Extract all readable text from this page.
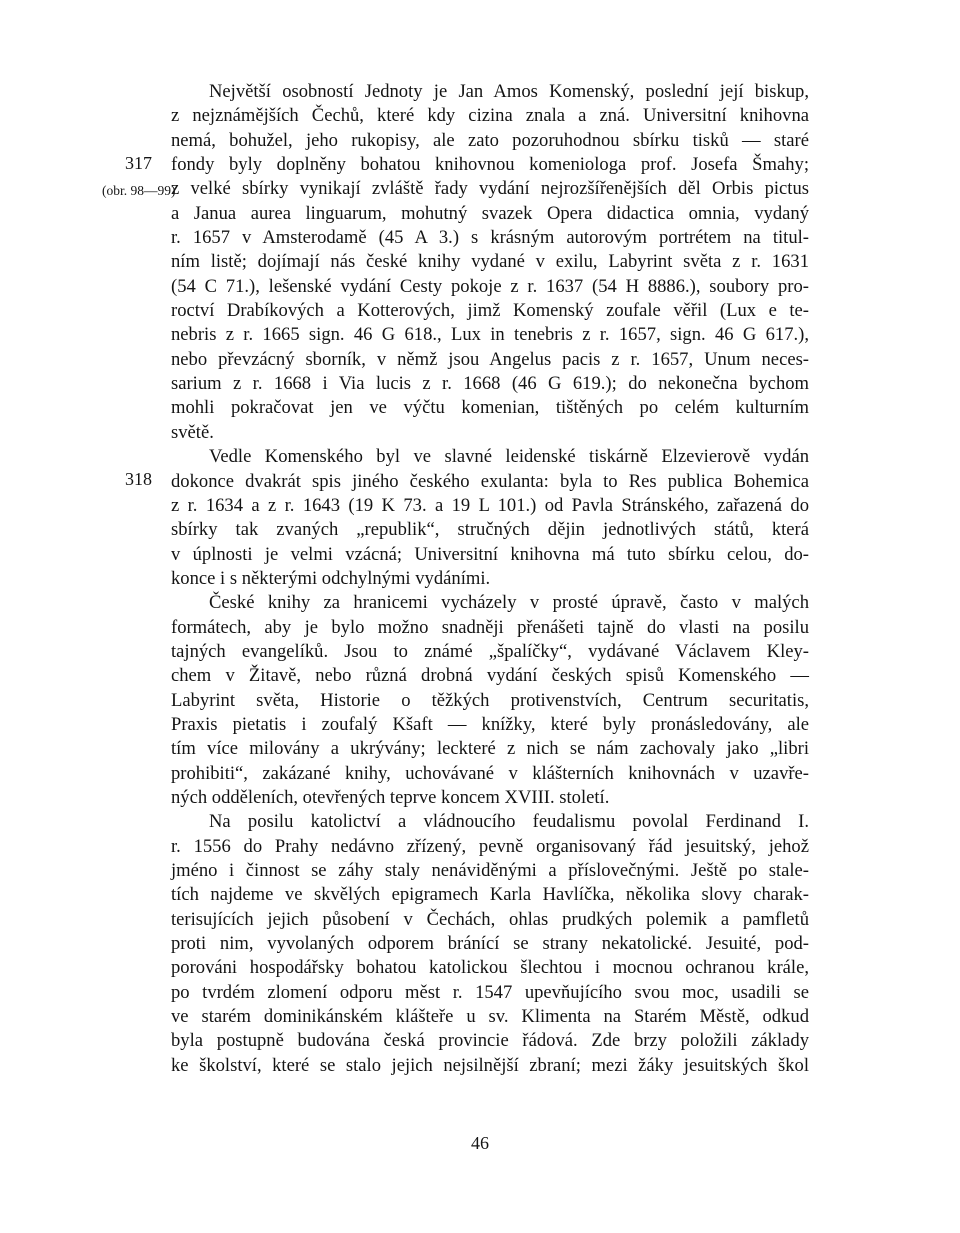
317
(obr. 98—99)
318
Největší osobností Jednoty je Jan Amos Komenský, poslední její biskup,
z nejznámějších Čechů, které kdy cizina znala a zná. Universitní knihovna
nemá, bohužel, jeho rukopisy, ale zato pozoruhodnou sbírku tisků — staré
fondy byly doplněny bohatou knihovnou komeniologa prof. Josefa Šmahy;
z velké sbírky vynikají zvláště řady vydání nejrozšířenějších děl Orbis pictus
a Janua aurea linguarum, mohutný svazek Opera didactica omnia, vydaný
r. 1657 v Amsterodamě (45 A 3.) s krásným autorovým portrétem na titul-
ním listě; dojímají nás české knihy vydané v exilu, Labyrint světa z r. 1631
(54 C 71.), lešenské vydání Cesty pokoje z r. 1637 (54 H 8886.), soubory pro-
roctví Drabíkových a Kotterových, jimž Komenský zoufale věřil (Lux e te-
nebris z r. 1665 sign. 46 G 618., Lux in tenebris z r. 1657, sign. 46 G 617.),
nebo převzácný sborník, v němž jsou Angelus pacis z r. 1657, Unum neces-
sarium z r. 1668 i Via lucis z r. 1668 (46 G 619.); do nekonečna bychom
mohli pokračovat jen ve výčtu komenian, tištěných po celém kulturním
světě.
Vedle Komenského byl ve slavné leidenské tiskárně Elzevierově vydán
dokonce dvakrát spis jiného českého exulanta: byla to Res publica Bohemica
z r. 1634 a z r. 1643 (19 K 73. a 19 L 101.) od Pavla Stránského, zařazená do
sbírky tak zvaných „republik“, stručných dějin jednotlivých států, která
v úplnosti je velmi vzácná; Universitní knihovna má tuto sbírku celou, do-
konce i s některými odchylnými vydáními.
České knihy za hranicemi vycházely v prosté úpravě, často v malých
formátech, aby je bylo možno snadněji přenášeti tajně do vlasti na posilu
tajných evangelíků. Jsou to známé „špalíčky“, vydávané Václavem Kley-
chem v Žitavě, nebo různá drobná vydání českých spisů Komenského —
Labyrint světa, Historie o těžkých protivenstvích, Centrum securitatis,
Praxis pietatis i zoufalý Kšaft — knížky, které byly pronásledovány, ale
tím více milovány a ukrývány; leckteré z nich se nám zachovaly jako „libri
prohibiti“, zakázané knihy, uchovávané v klášterních knihovnách v uzavře-
ných odděleních, otevřených teprve koncem XVIII. století.
Na posilu katolictví a vládnoucího feudalismu povolal Ferdinand I.
r. 1556 do Prahy nedávno zřízený, pevně organisovaný řád jesuitský, jehož
jméno i činnost se záhy staly nenáviděnými a příslovečnými. Ještě po stale-
tích najdeme ve skvělých epigramech Karla Havlíčka, několika slovy charak-
terisujících jejich působení v Čechách, ohlas prudkých polemik a pamfletů
proti nim, vyvolaných odporem bránící se strany nekatolické. Jesuité, pod-
porováni hospodářsky bohatou katolickou šlechtou i mocnou ochranou krále,
po tvrdém zlomení odporu měst r. 1547 upevňujícího svou moc, usadili se
ve starém dominikánském klášteře u sv. Klimenta na Starém Městě, odkud
byla postupně budována česká provincie řádová. Zde brzy položili základy
ke školství, které se stalo jejich nejsilnější zbraní; mezi žáky jesuitských škol
46
